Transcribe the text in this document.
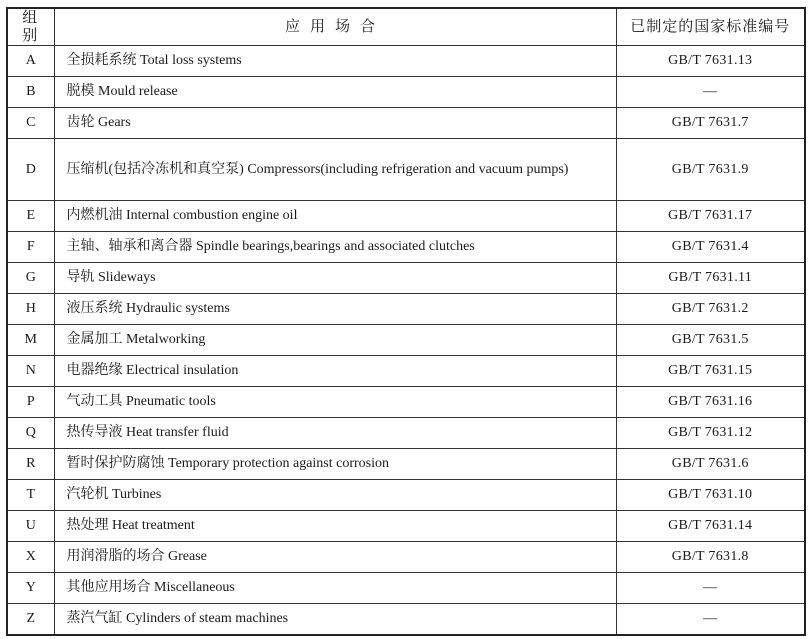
组别	应用场合	已制定的国家标准编号
A	全损耗系统 Total loss systems	GB/T 7631.13
B	脱模 Mould release	—
C	齿轮 Gears	GB/T 7631.7
D	压缩机(包括冷冻机和真空泵) Compressors(including refrigeration and vacuum pumps)	GB/T 7631.9
E	内燃机油 Internal combustion engine oil	GB/T 7631.17
F	主轴、轴承和离合器 Spindle bearings,bearings and associated clutches	GB/T 7631.4
G	导轨 Slideways	GB/T 7631.11
H	液压系统 Hydraulic systems	GB/T 7631.2
M	金属加工 Metalworking	GB/T 7631.5
N	电器绝缘 Electrical insulation	GB/T 7631.15
P	气动工具 Pneumatic tools	GB/T 7631.16
Q	热传导液 Heat transfer fluid	GB/T 7631.12
R	暂时保护防腐蚀 Temporary protection against corrosion	GB/T 7631.6
T	汽轮机 Turbines	GB/T 7631.10
U	热处理 Heat treatment	GB/T 7631.14
X	用润滑脂的场合 Grease	GB/T 7631.8
Y	其他应用场合 Miscellaneous	—
Z	蒸汽气缸 Cylinders of steam machines	—
